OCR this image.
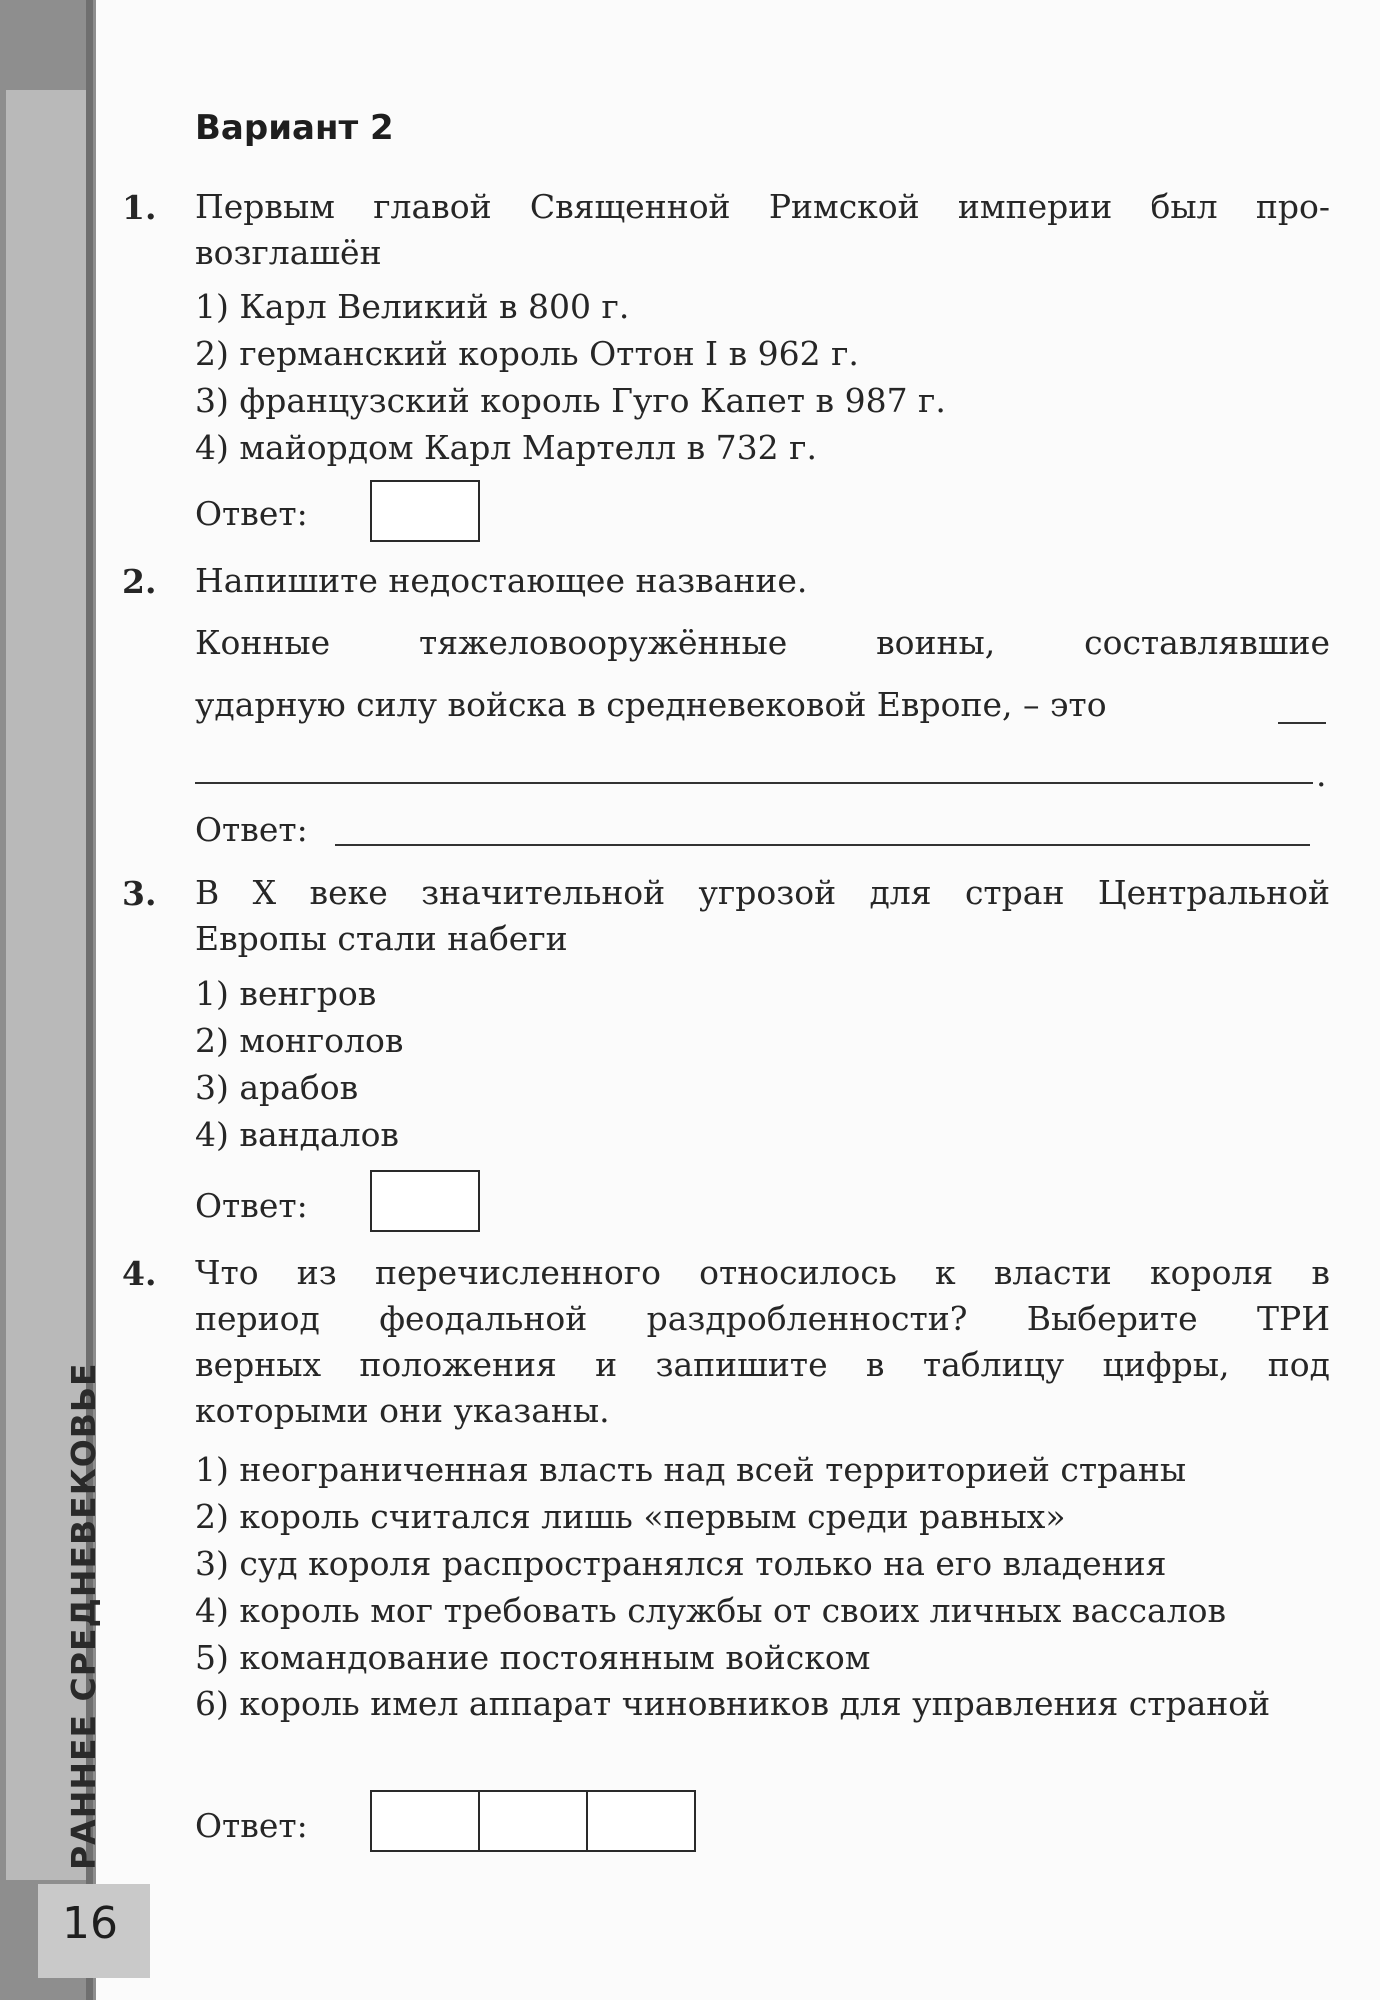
РАННЕЕ СРЕДНЕВЕКОВЬЕ
16
Вариант 2
1. Первым главой Священной Римской империи был про-
возглашён
1) Карл Великий в 800 г.
2) германский король Оттон I в 962 г.
3) французский король Гуго Капет в 987 г.
4) майордом Карл Мартелл в 732 г.
Ответ:
2. Напишите недостающее название.
Конные тяжеловооружённые воины, составлявшие
ударную силу войска в средневековой Европе, – это
.
Ответ:
3. В X веке значительной угрозой для стран Центральной
Европы стали набеги
1) венгров
2) монголов
3) арабов
4) вандалов
Ответ:
4. Что из перечисленного относилось к власти короля в
период феодальной раздробленности? Выберите ТРИ
верных положения и запишите в таблицу цифры, под
которыми они указаны.
1) неограниченная власть над всей территорией страны
2) король считался лишь «первым среди равных»
3) суд короля распространялся только на его владения
4) король мог требовать службы от своих личных вассалов
5) командование постоянным войском
6) король имел аппарат чиновников для управления страной
Ответ:
